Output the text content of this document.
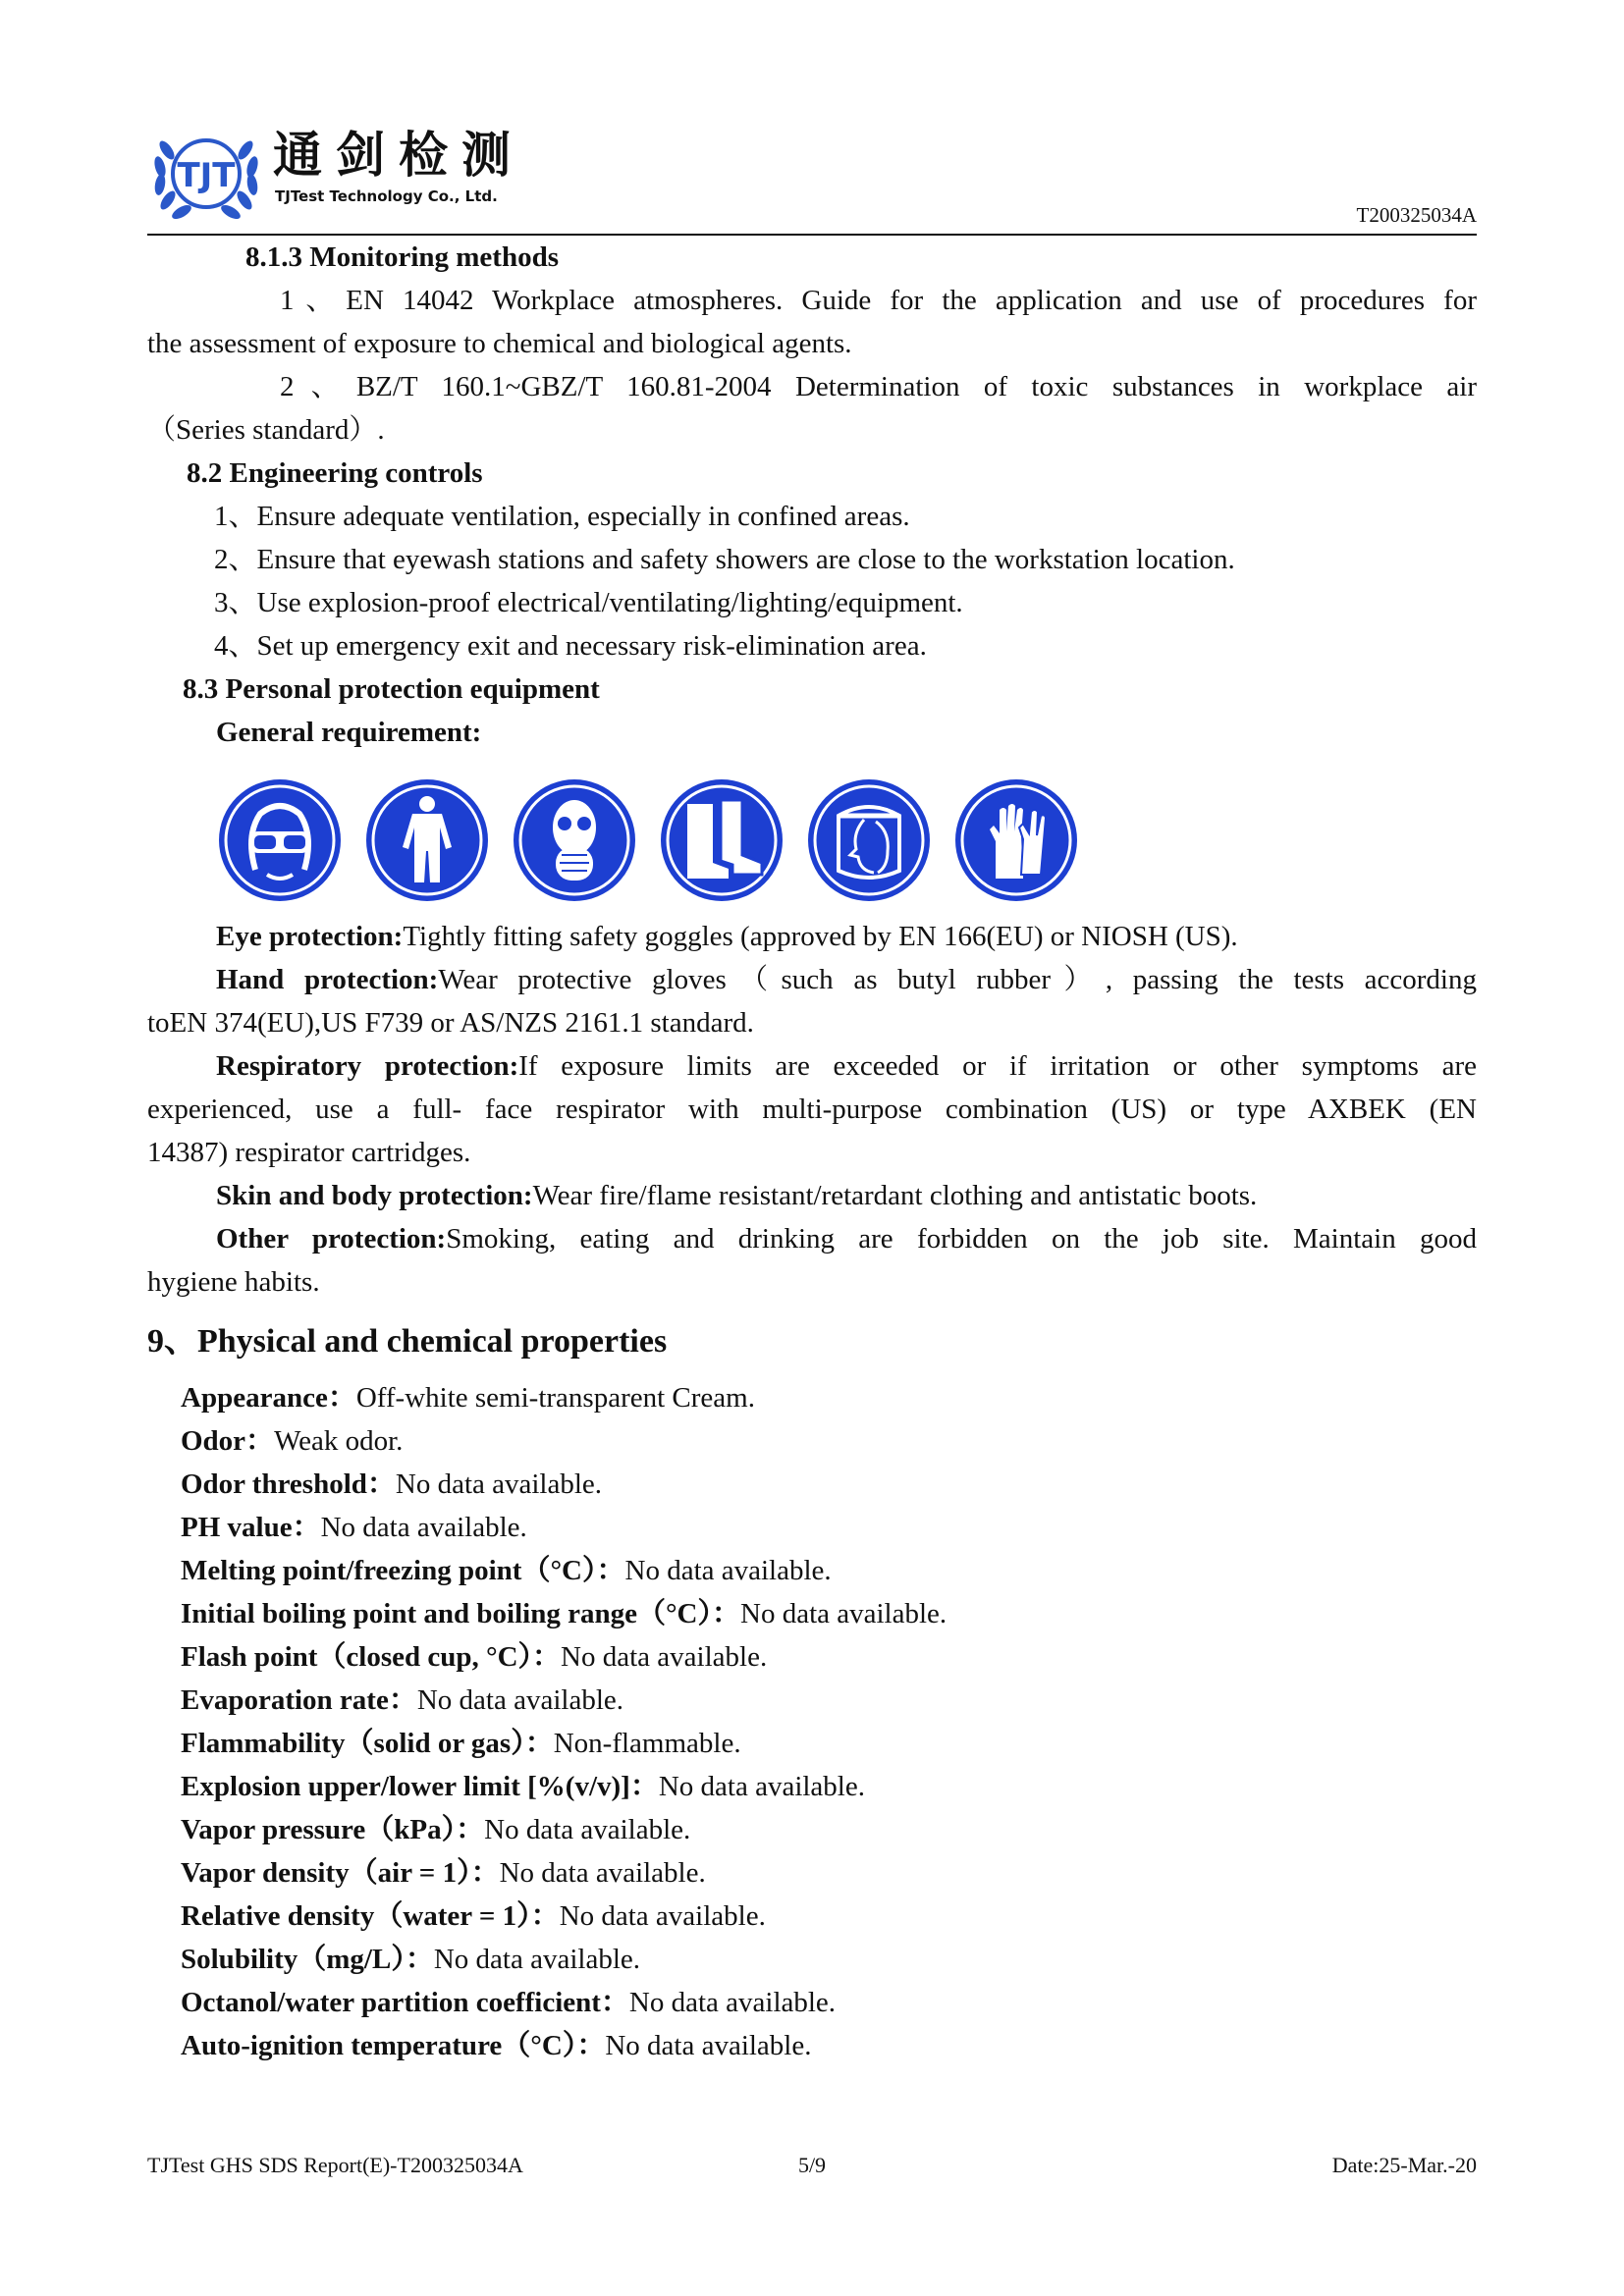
TJT 通剑检测
TJTest Technology Co., Ltd.
T200325034A

8.1.3 Monitoring methods

1、EN 14042 Workplace atmospheres. Guide for the application and use of procedures for

the assessment of exposure to chemical and biological agents.

2、BZ/T 160.1~GBZ/T 160.81-2004 Determination of toxic substances in workplace air

（Series standard）.

8.2 Engineering controls

1、Ensure adequate ventilation, especially in confined areas.

2、Ensure that eyewash stations and safety showers are close to the workstation location.

3、Use explosion-proof electrical/ventilating/lighting/equipment.

4、Set up emergency exit and necessary risk-elimination area.

8.3 Personal protection equipment

General requirement:

Eye protection:Tightly fitting safety goggles (approved by EN 166(EU) or NIOSH (US).

Hand protection:Wear protective gloves（such as butyl rubber）, passing the tests according

toEN 374(EU),US F739 or AS/NZS 2161.1 standard.

Respiratory protection:If exposure limits are exceeded or if irritation or other symptoms are

experienced, use a full- face respirator with multi-purpose combination (US) or type AXBEK (EN

14387) respirator cartridges.

Skin and body protection:Wear fire/flame resistant/retardant clothing and antistatic boots.

Other protection:Smoking, eating and drinking are forbidden on the job site. Maintain good

hygiene habits.

9、Physical and chemical properties

Appearance：Off-white semi-transparent Cream.

Odor：Weak odor.

Odor threshold：No data available.

PH value：No data available.

Melting point/freezing point（°C）：No data available.

Initial boiling point and boiling range（°C）：No data available.

Flash point（closed cup, °C）：No data available.

Evaporation rate：No data available.

Flammability（solid or gas）：Non-flammable.

Explosion upper/lower limit [%(v/v)]：No data available.

Vapor pressure（kPa）：No data available.

Vapor density（air = 1）：No data available.

Relative density（water = 1）：No data available.

Solubility（mg/L）：No data available.

Octanol/water partition coefficient：No data available.

Auto-ignition temperature（°C）：No data available.

TJTest GHS SDS Report(E)-T200325034A	5/9	Date:25-Mar.-20
